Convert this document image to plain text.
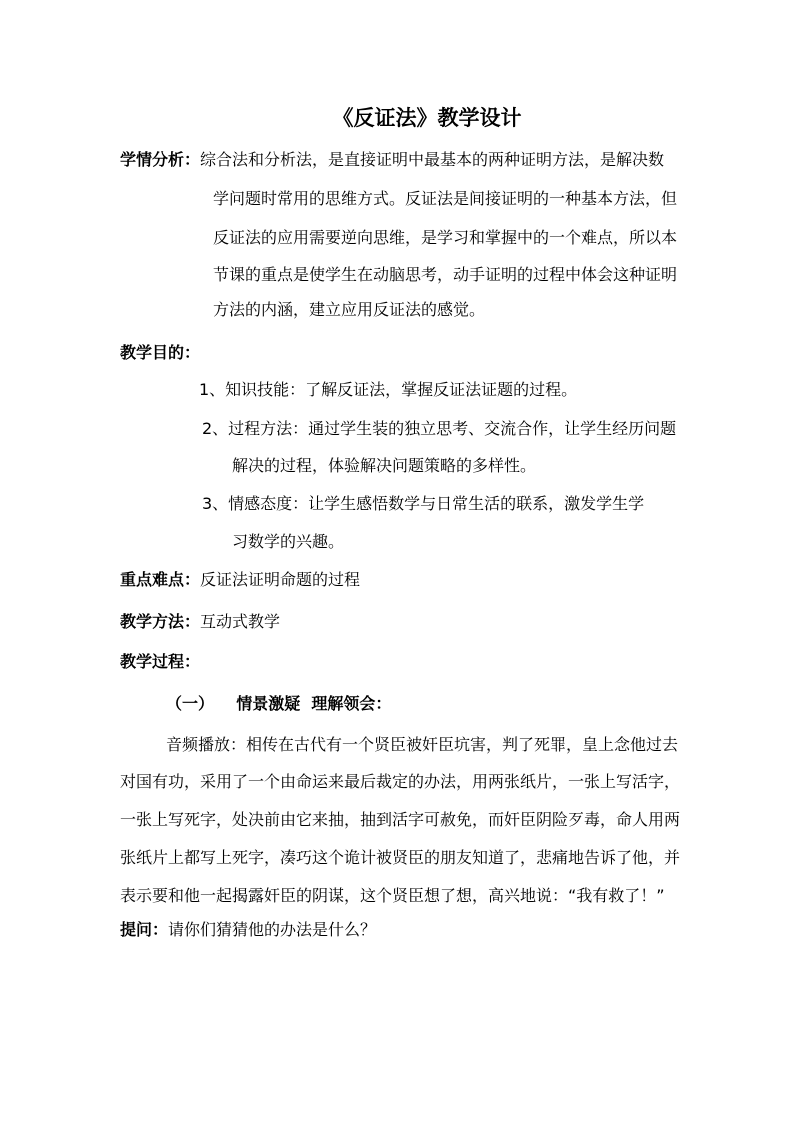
《反证法》教学设计
学情分析：综合法和分析法，是直接证明中最基本的两种证明方法，是解决数
学问题时常用的思维方式。反证法是间接证明的一种基本方法，但
反证法的应用需要逆向思维，是学习和掌握中的一个难点，所以本
节课的重点是使学生在动脑思考，动手证明的过程中体会这种证明
方法的内涵，建立应用反证法的感觉。
教学目的：
1、知识技能：了解反证法，掌握反证法证题的过程。
2、过程方法：通过学生装的独立思考、交流合作，让学生经历问题
解决的过程，体验解决问题策略的多样性。
3、情感态度：让学生感悟数学与日常生活的联系，激发学生学
习数学的兴趣。
重点难点：反证法证明命题的过程
教学方法：互动式教学
教学过程：
（一）    情景激疑  理解领会：
音频播放：相传在古代有一个贤臣被奸臣坑害，判了死罪，皇上念他过去
对国有功，采用了一个由命运来最后裁定的办法，用两张纸片，一张上写活字，
一张上写死字，处决前由它来抽，抽到活字可赦免，而奸臣阴险歹毒，命人用两
张纸片上都写上死字，凑巧这个诡计被贤臣的朋友知道了，悲痛地告诉了他，并
表示要和他一起揭露奸臣的阴谋，这个贤臣想了想，高兴地说：“我有救了！”
提问：请你们猜猜他的办法是什么？
